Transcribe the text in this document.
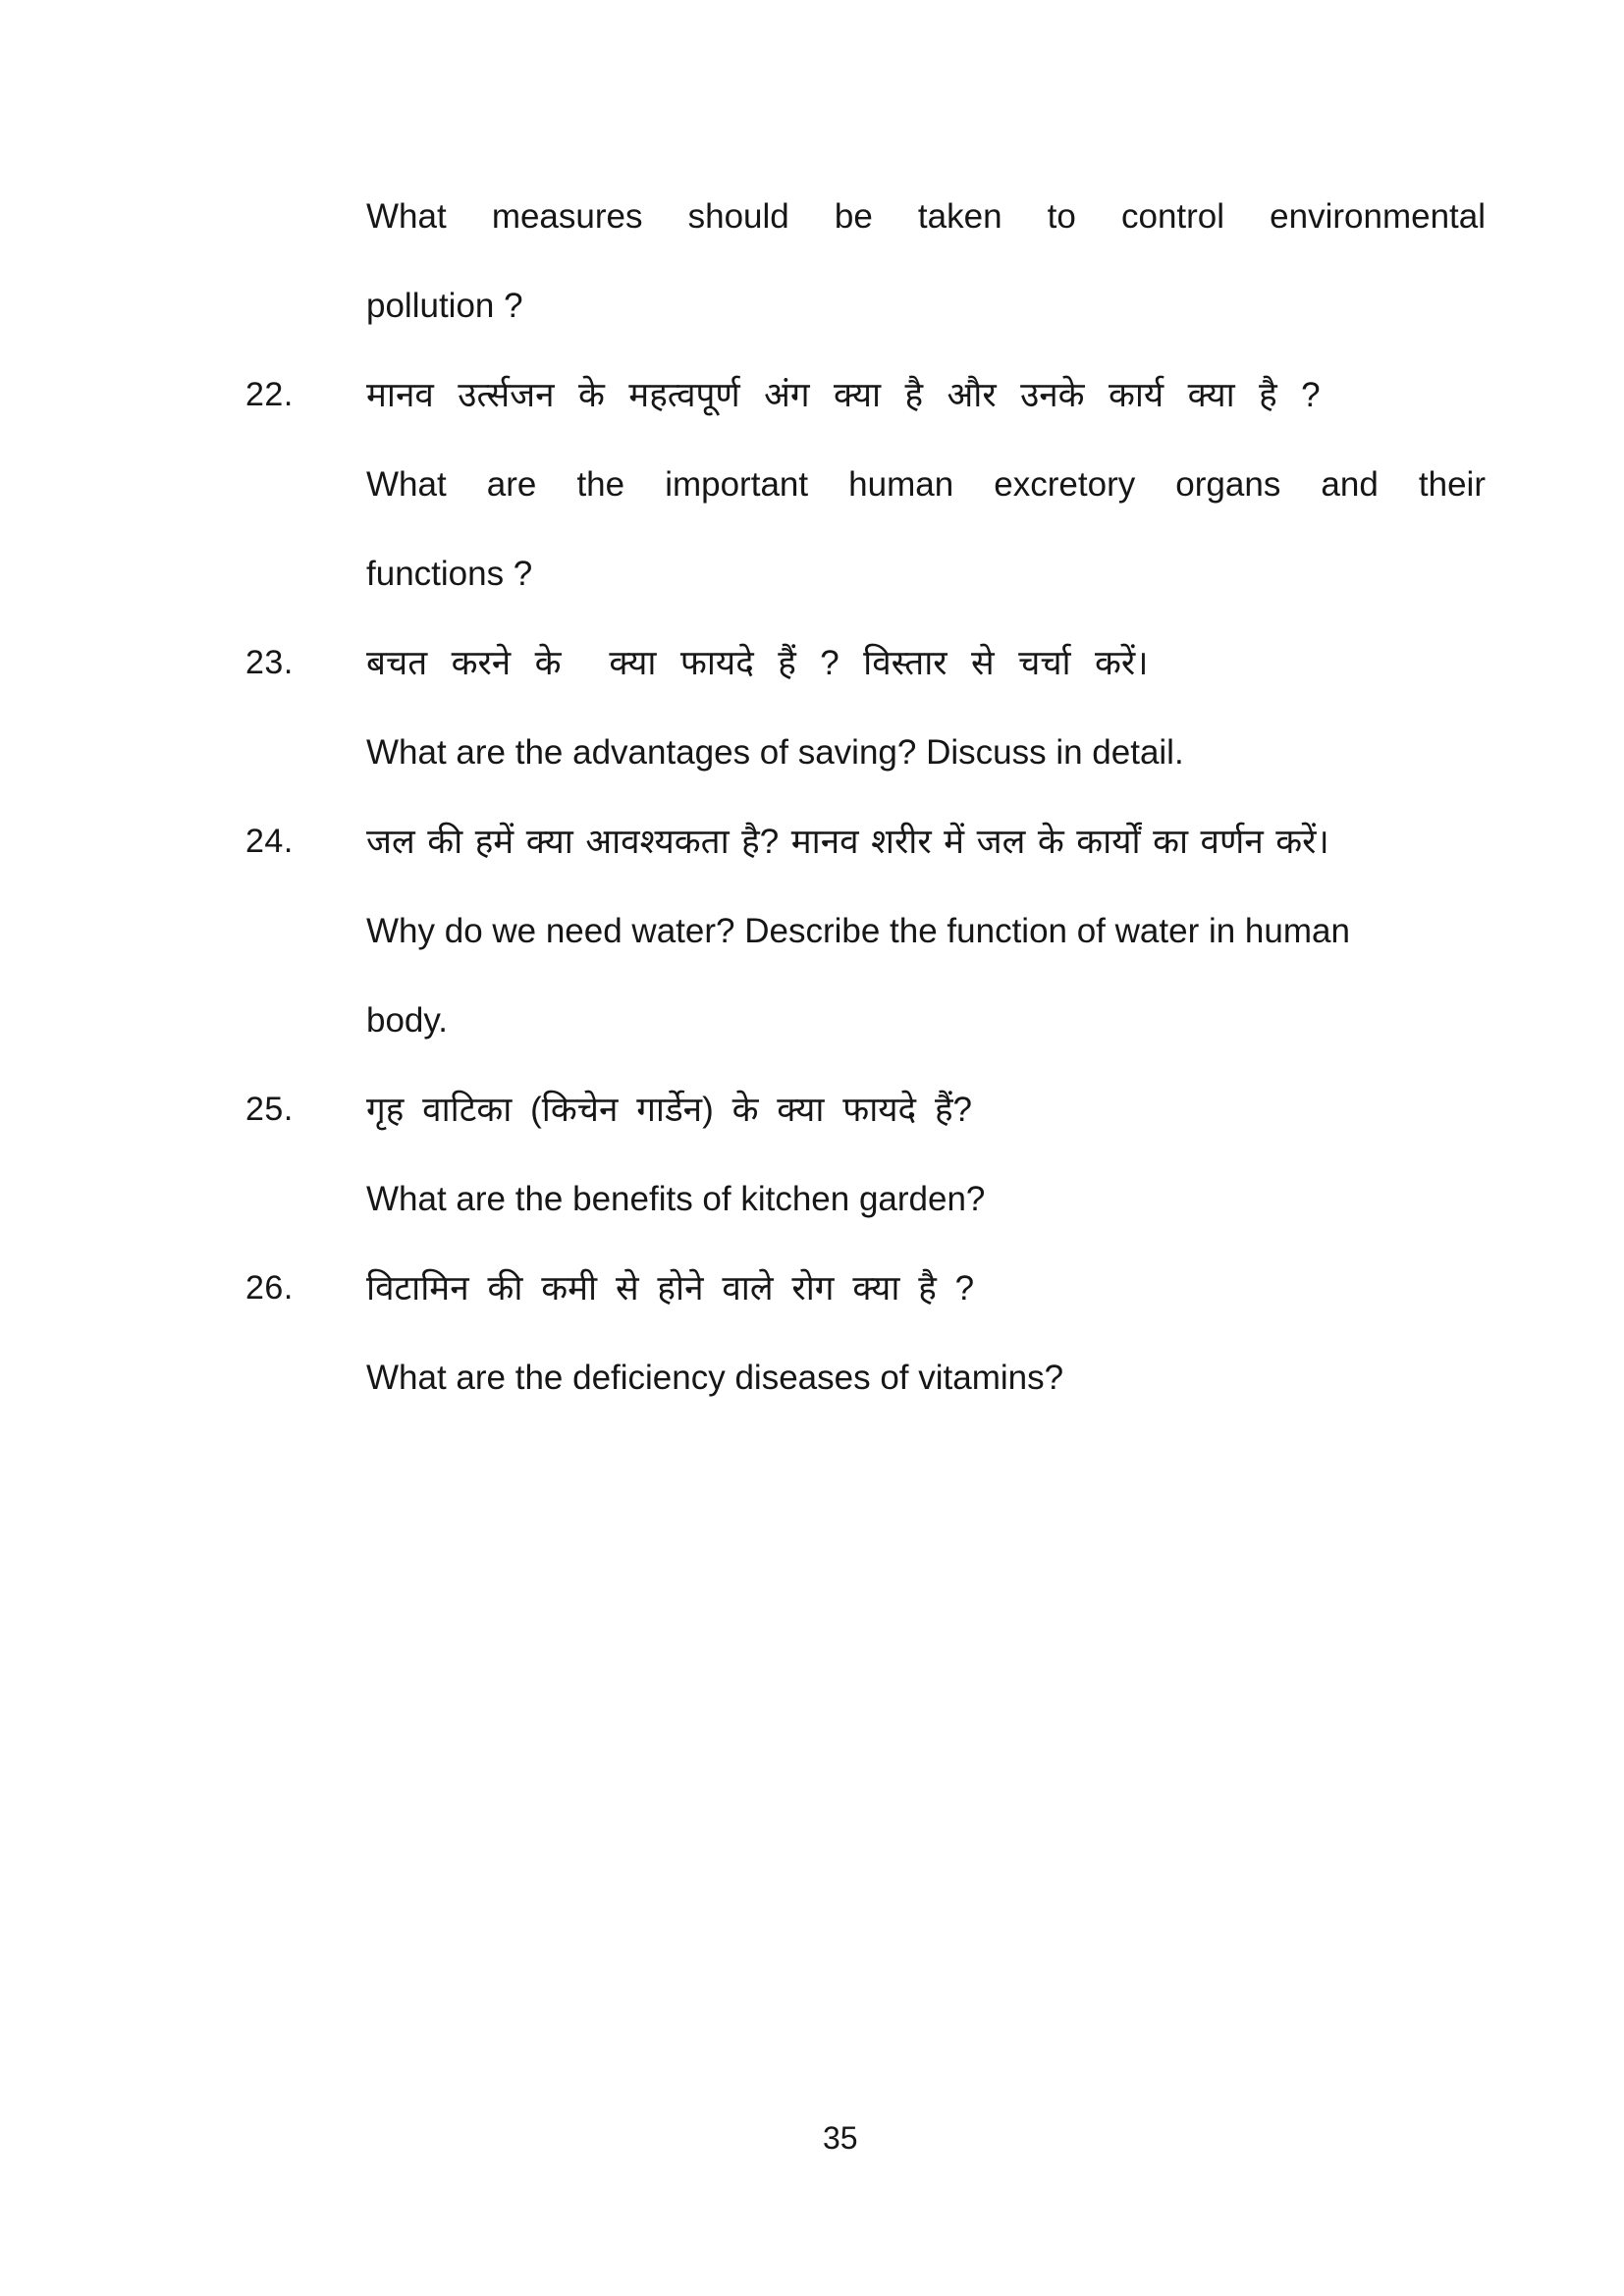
What measures should be taken to control environmental
pollution ?
22.	मानव उर्त्सजन के महत्वपूर्ण अंग क्या है और उनके कार्य क्या है ?
What are the important human excretory organs and their
functions ?
23.	बचत करने के  क्या फायदे हैं ? विस्तार से चर्चा करें।
What are the advantages of saving? Discuss in detail.
24.	जल की हमें क्या आवश्यकता है? मानव शरीर में जल के कार्यों का वर्णन करें।
Why do we need water? Describe the function of water in human
body.
25.	गृह वाटिका (किचेन गार्डेन) के क्या फायदे हैं?
What are the benefits of kitchen garden?
26.	विटामिन की कमी से होने वाले रोग क्या है ?
What are the deficiency diseases of vitamins?
35
